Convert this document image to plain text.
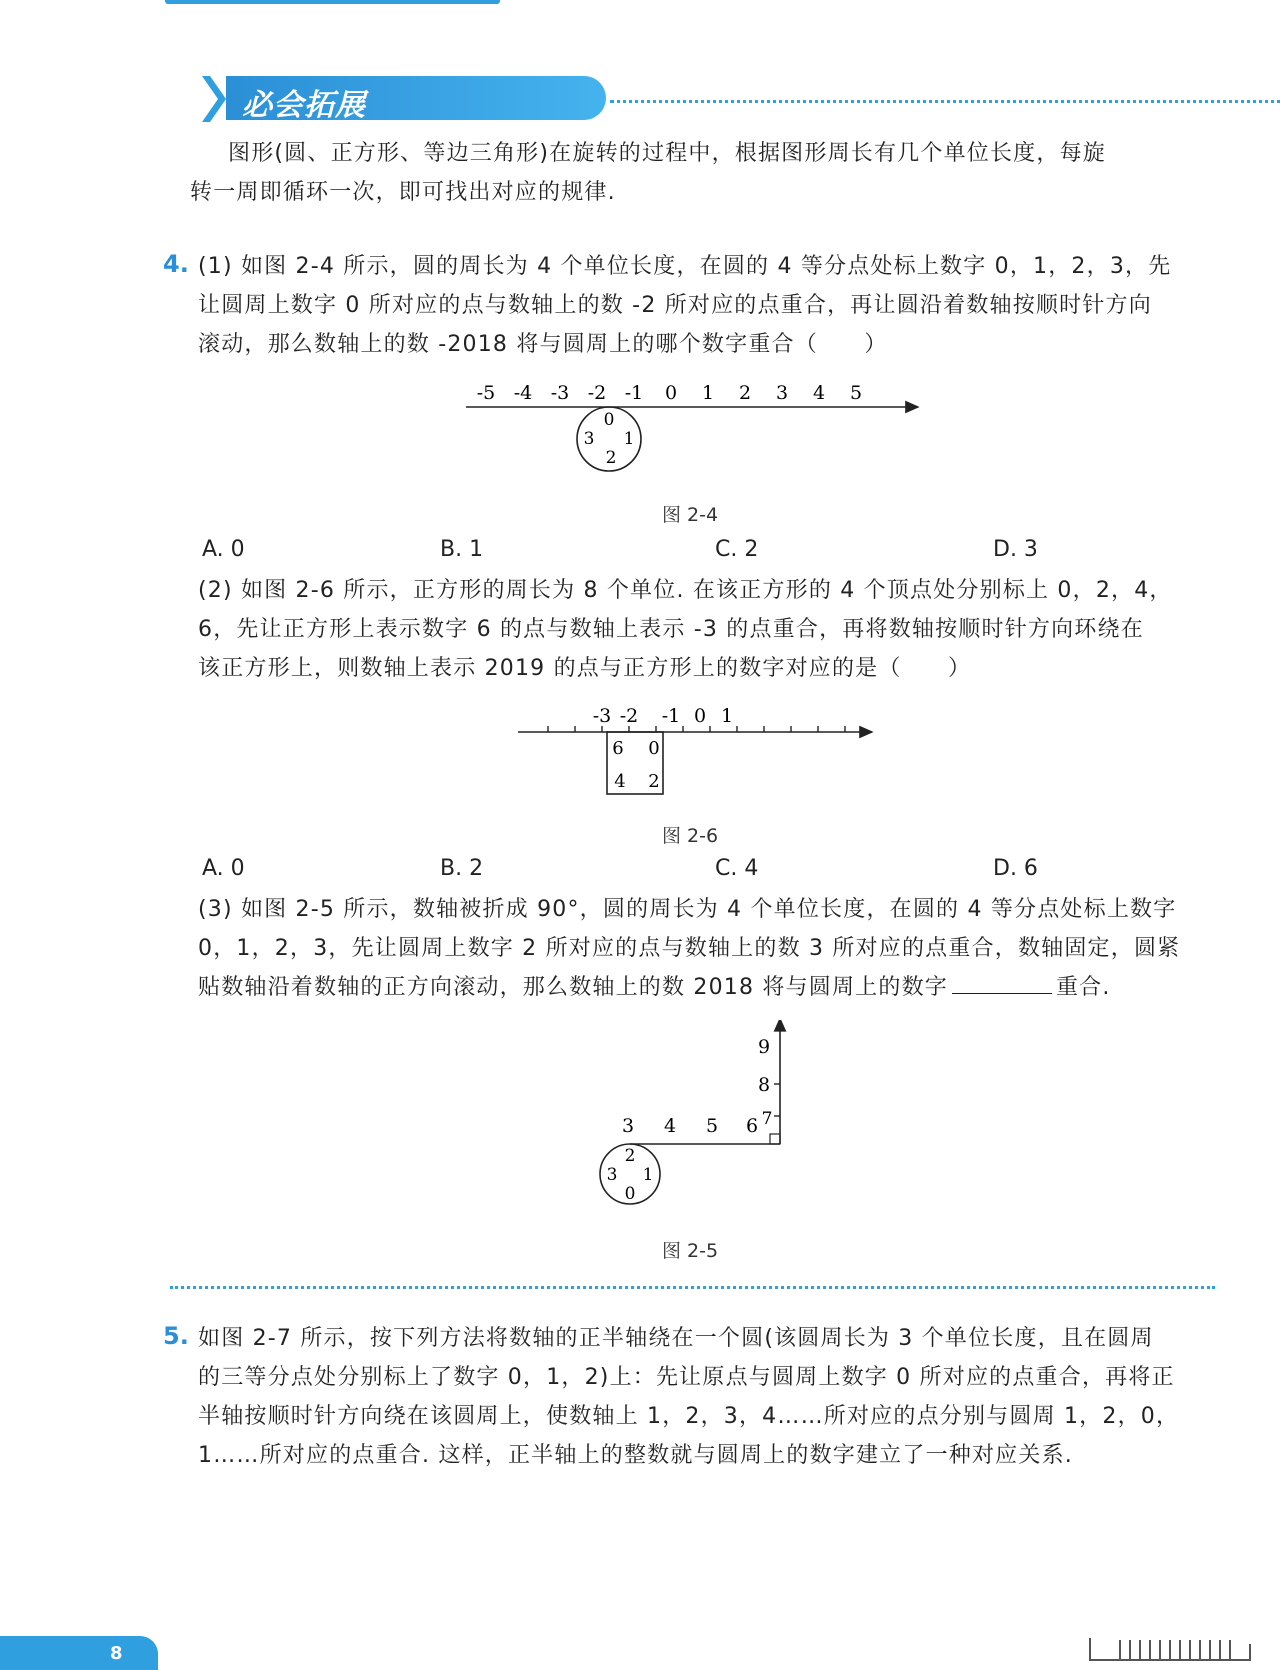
必会拓展
图形(圆、正方形、等边三角形)在旋转的过程中，根据图形周长有几个单位长度，每旋
转一周即循环一次，即可找出对应的规律.
4. (1) 如图 2-4 所示，圆的周长为 4 个单位长度，在圆的 4 等分点处标上数字 0，1，2，3，先
让圆周上数字 0 所对应的点与数轴上的数 -2 所对应的点重合，再让圆沿着数轴按顺时针方向
滚动，那么数轴上的数 -2018 将与圆周上的哪个数字重合（　　）
-5 -4 -3 -2 -1 0 1 2 3 4 5
0
1
2
3
图 2-4
A. 0	B. 1	C. 2	D. 3
(2) 如图 2-6 所示，正方形的周长为 8 个单位. 在该正方形的 4 个顶点处分别标上 0，2，4，
6，先让正方形上表示数字 6 的点与数轴上表示 -3 的点重合，再将数轴按顺时针方向环绕在
该正方形上，则数轴上表示 2019 的点与正方形上的数字对应的是（　　）
-3 -2 -1 0 1
6 0
4 2
图 2-6
A. 0	B. 2	C. 4	D. 6
(3) 如图 2-5 所示，数轴被折成 90°，圆的周长为 4 个单位长度，在圆的 4 等分点处标上数字
0，1，2，3，先让圆周上数字 2 所对应的点与数轴上的数 3 所对应的点重合，数轴固定，圆紧
贴数轴沿着数轴的正方向滚动，那么数轴上的数 2018 将与圆周上的数字	重合.
3 4 5 6 7
8
9
2
1
0
3
图 2-5
5. 如图 2-7 所示，按下列方法将数轴的正半轴绕在一个圆(该圆周长为 3 个单位长度，且在圆周
的三等分点处分别标上了数字 0，1，2)上：先让原点与圆周上数字 0 所对应的点重合，再将正
半轴按顺时针方向绕在该圆周上，使数轴上 1，2，3，4……所对应的点分别与圆周 1，2，0，
1……所对应的点重合. 这样，正半轴上的整数就与圆周上的数字建立了一种对应关系.
8
